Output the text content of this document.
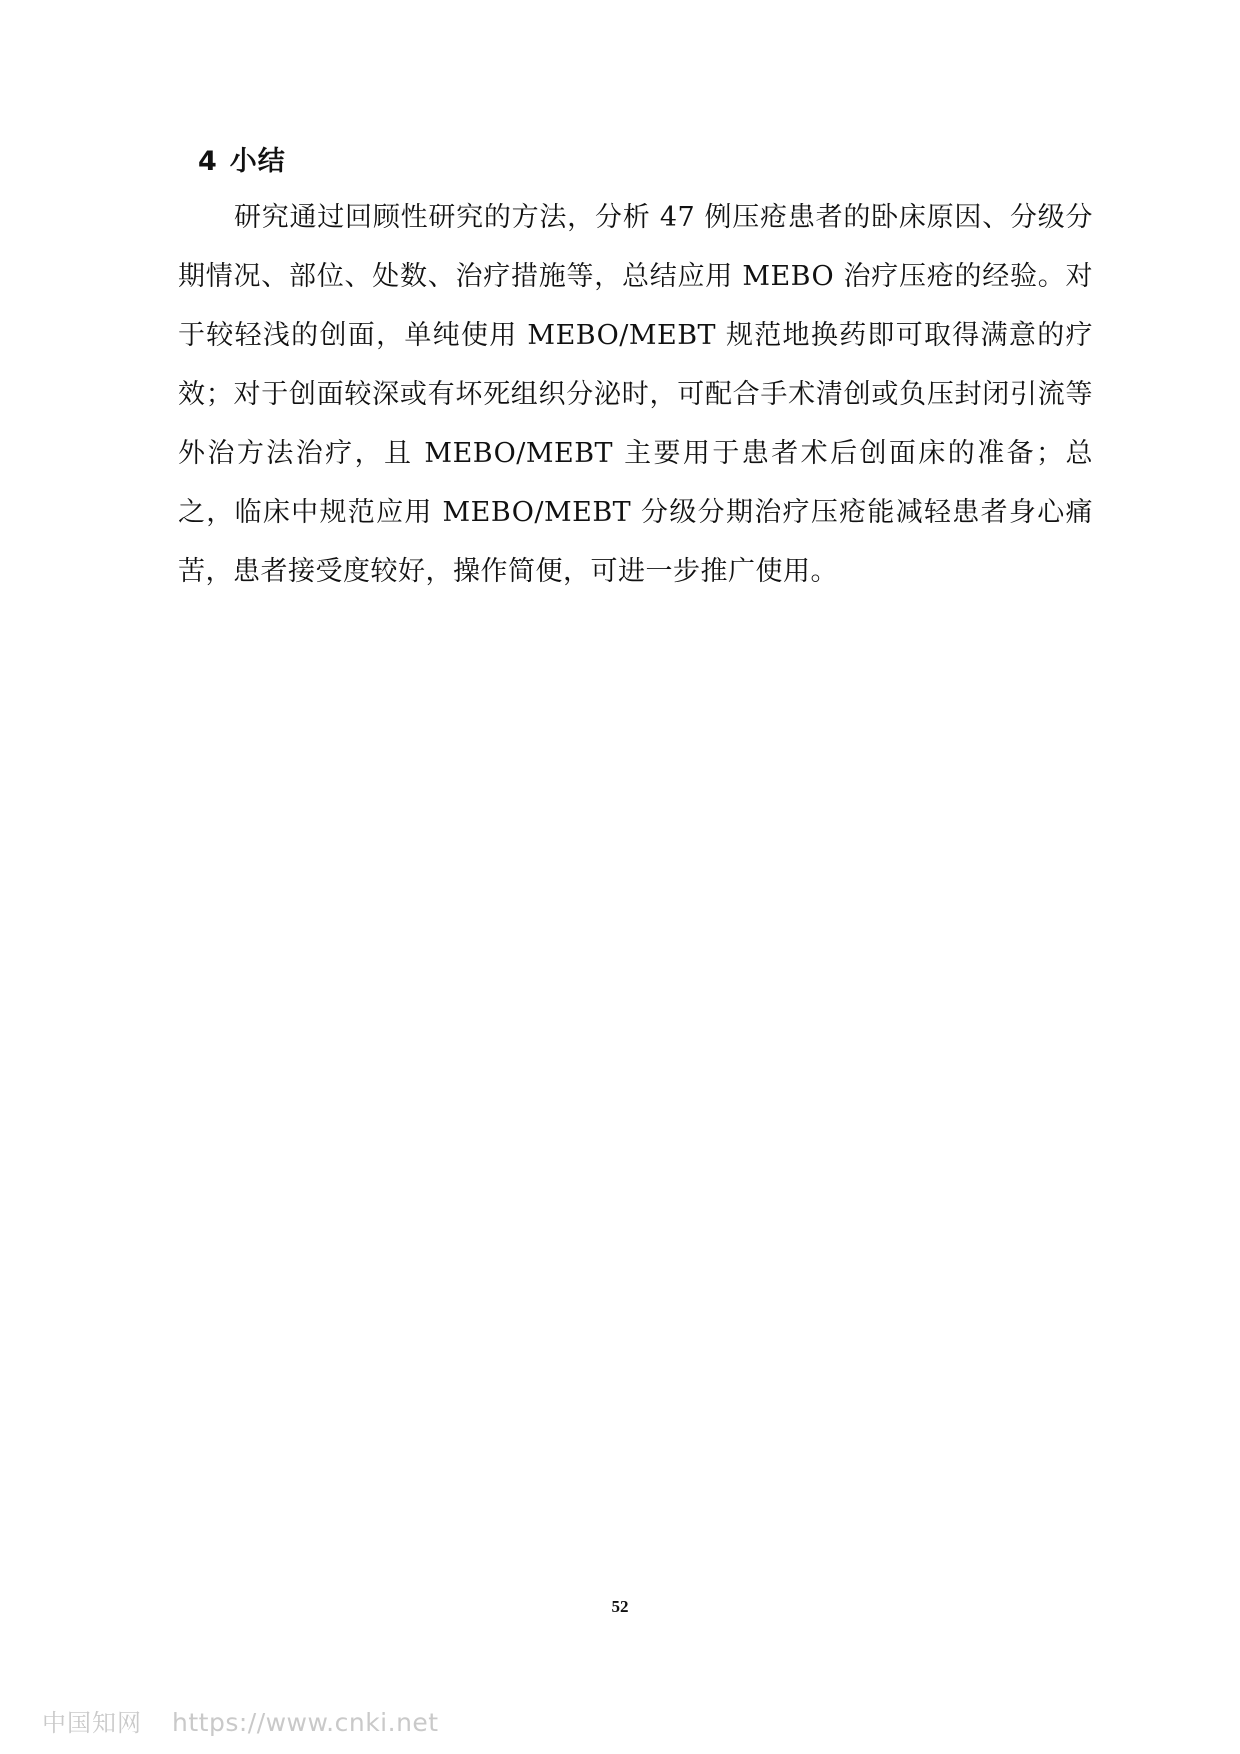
4 小结

研究通过回顾性研究的方法，分析 47 例压疮患者的卧床原因、分级分期情况、部位、处数、治疗措施等，总结应用 MEBO 治疗压疮的经验。对于较轻浅的创面，单纯使用 MEBO/MEBT 规范地换药即可取得满意的疗效；对于创面较深或有坏死组织分泌时，可配合手术清创或负压封闭引流等外治方法治疗，且 MEBO/MEBT 主要用于患者术后创面床的准备；总之，临床中规范应用 MEBO/MEBT 分级分期治疗压疮能减轻患者身心痛苦，患者接受度较好，操作简便，可进一步推广使用。

52
中国知网 https://www.cnki.net
